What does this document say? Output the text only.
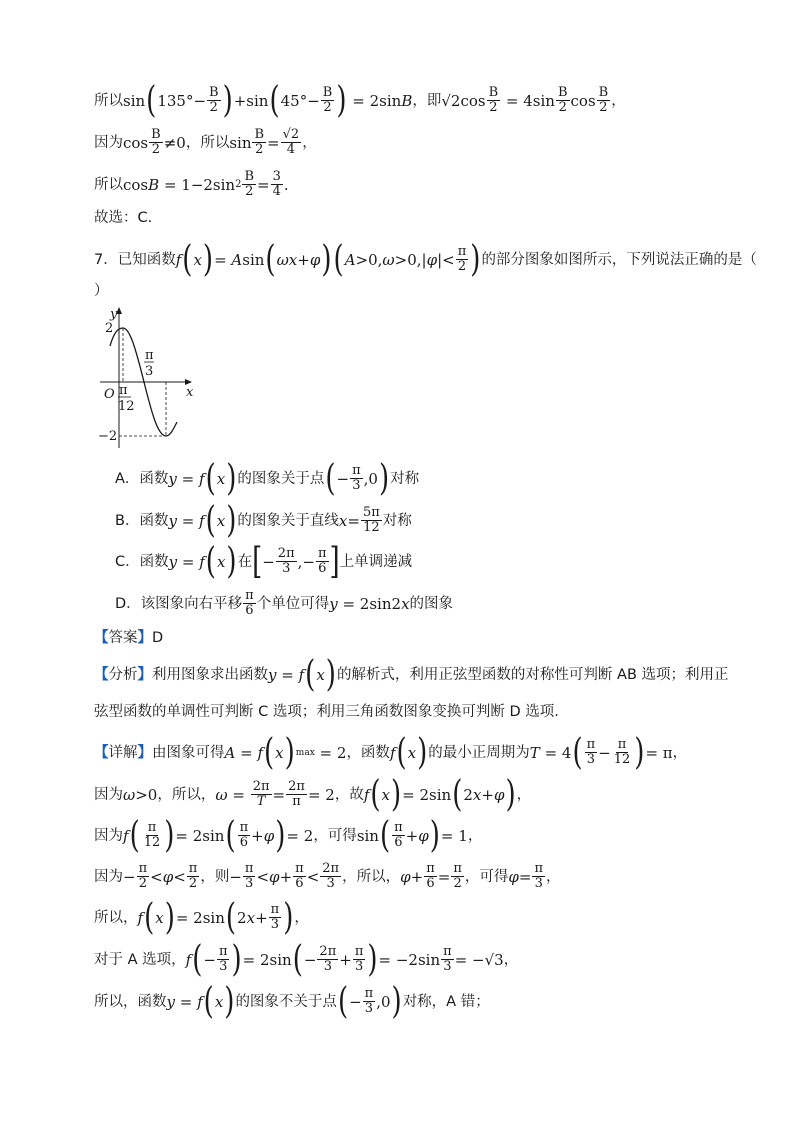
所以 sin ( $135^\circ- \frac{B}{2}$ ) +sin ( $45^\circ- \frac{B}{2}$ ) = 2sin B ，即 $√2\cos \frac{B}{2} = 4\sin \frac{B}{2}$ $\cos \frac{B}{2}$ ，
因为 $\cos \frac{B}{2} \ne 0$ ，所以 $\sin \frac{B}{2} = \frac{√2}{4}$ ，
所以 cos B = 1−2sin $2 \frac{B}{2} = \frac{3}{4}$ .
故选：C.
7．已知函数 f ( x ) = A sin ( ωx + φ ) ( A >0, ω >0,| φ |< $\frac{\pi}{2}$ ) 的部分图象如图所示，下列说法正确的是（
）
y
x
O
2
−2
π
12
π
3
A．函数 y = f ( x ) 的图象关于点 ( − $\frac{\pi}{3} ,0$ ) 对称
B．函数 y = f ( x ) 的图象关于直线 $x = \frac{5\pi}{12}$ 对称
C．函数 y = f ( x ) 在 [ − $\frac{2\pi}{3}$ ,− $\frac{\pi}{6}$ ] 上单调递减
D．该图象向右平移 $\frac{\pi}{6}$ 个单位可得 y = 2sin2 x 的图象
【答案】 D
【分析】 利用图象求出函数 y = f ( x ) 的解析式，利用正弦型函数的对称性可判断 AB 选项；利用正
弦型函数的单调性可判断 C 选项；利用三角函数图象变换可判断 D 选项.
【详解】 由图象可得 A = f ( x ) max = 2 ，函数 f ( x ) 的最小正周期为 T = 4 ( $\frac{\pi}{3} - \frac{\pi}{12}$ ) = π ，
因为 ω >0 ，所以， $\omega = \frac{2\pi}{T} = \frac{2\pi}{\pi} = 2$ ，故 f ( x ) = 2sin ( 2 x + φ ) ，
因为 f ( $\frac{\pi}{12}$ ) = 2sin ( $\frac{\pi}{6} + \varphi$ ) = 2 ，可得 sin ( $\frac{\pi}{6} + \varphi$ ) = 1 ，
因为 − $\frac{\pi}{2} < \varphi < \frac{\pi}{2}$ ，则 − $\frac{\pi}{3} < \varphi + \frac{\pi}{6} < \frac{2\pi}{3}$ ，所以， $\varphi + \frac{\pi}{6} = \frac{\pi}{2}$ ，可得 $\varphi = \frac{\pi}{3}$ ，
所以， f ( x ) = 2sin ( 2 $x + \frac{\pi}{3}$ ) ，
对于 A 选项， f ( − $\frac{\pi}{3}$ ) = 2sin ( − $\frac{2\pi}{3} + \frac{\pi}{3}$ ) = $-2\sin \frac{\pi}{3} = -√3$ ，
所以，函数 y = f ( x ) 的图象不关于点 ( − $\frac{\pi}{3} ,0$ ) 对称，A 错；
